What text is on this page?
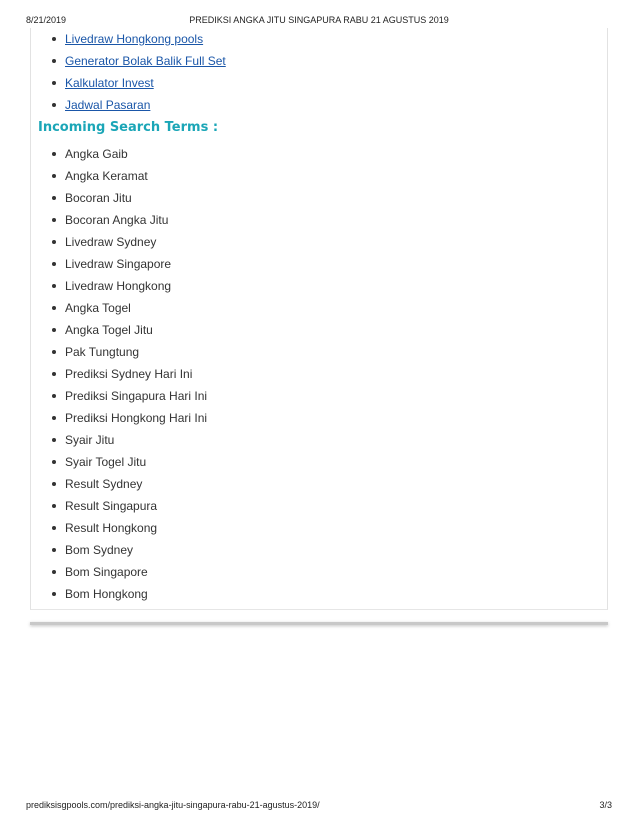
8/21/2019	PREDIKSI ANGKA JITU SINGAPURA RABU 21 AGUSTUS 2019
Livedraw Hongkong pools
Generator Bolak Balik Full Set
Kalkulator Invest
Jadwal Pasaran
Incoming Search Terms :
Angka Gaib
Angka Keramat
Bocoran Jitu
Bocoran Angka Jitu
Livedraw Sydney
Livedraw Singapore
Livedraw Hongkong
Angka Togel
Angka Togel Jitu
Pak Tungtung
Prediksi Sydney Hari Ini
Prediksi Singapura Hari Ini
Prediksi Hongkong Hari Ini
Syair Jitu
Syair Togel Jitu
Result Sydney
Result Singapura
Result Hongkong
Bom Sydney
Bom Singapore
Bom Hongkong
prediksisgpools.com/prediksi-angka-jitu-singapura-rabu-21-agustus-2019/	3/3
